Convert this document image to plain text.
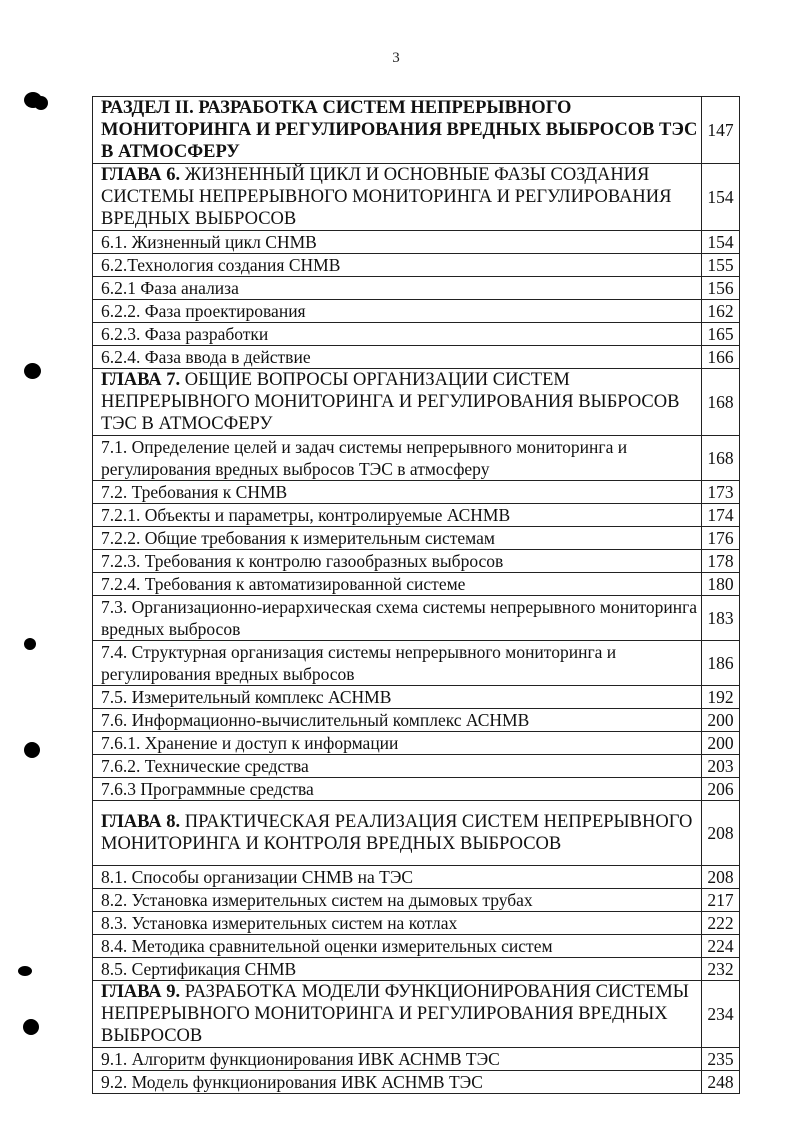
3
РАЗДЕЛ II. РАЗРАБОТКА СИСТЕМ НЕПРЕРЫВНОГО МОНИТОРИНГА И РЕГУЛИРОВАНИЯ ВРЕДНЫХ ВЫБРОСОВ ТЭС В АТМОСФЕРУ	147
ГЛАВА 6. ЖИЗНЕННЫЙ ЦИКЛ И ОСНОВНЫЕ ФАЗЫ СОЗДАНИЯ СИСТЕМЫ НЕПРЕРЫВНОГО МОНИТОРИНГА И РЕГУЛИРОВАНИЯ ВРЕДНЫХ ВЫБРОСОВ	154
6.1. Жизненный цикл СНМВ	154
6.2.Технология создания СНМВ	155
6.2.1 Фаза анализа	156
6.2.2. Фаза проектирования	162
6.2.3. Фаза разработки	165
6.2.4. Фаза ввода в действие	166
ГЛАВА 7. ОБЩИЕ ВОПРОСЫ ОРГАНИЗАЦИИ СИСТЕМ НЕПРЕРЫВНОГО МОНИТОРИНГА И РЕГУЛИРОВАНИЯ ВЫБРОСОВ ТЭС В АТМОСФЕРУ	168
7.1. Определение целей и задач системы непрерывного мониторинга и регулирования вредных выбросов ТЭС в атмосферу	168
7.2. Требования к СНМВ	173
7.2.1. Объекты и параметры, контролируемые АСНМВ	174
7.2.2. Общие требования к измерительным системам	176
7.2.3. Требования к контролю газообразных выбросов	178
7.2.4. Требования к автоматизированной системе	180
7.3. Организационно-иерархическая схема системы непрерывного мониторинга вредных выбросов	183
7.4. Структурная организация системы непрерывного мониторинга и регулирования вредных выбросов	186
7.5. Измерительный комплекс АСНМВ	192
7.6. Информационно-вычислительный комплекс АСНМВ	200
7.6.1. Хранение и доступ к информации	200
7.6.2. Технические средства	203
7.6.3 Программные средства	206
ГЛАВА 8. ПРАКТИЧЕСКАЯ РЕАЛИЗАЦИЯ СИСТЕМ НЕПРЕРЫВНОГО МОНИТОРИНГА И КОНТРОЛЯ ВРЕДНЫХ ВЫБРОСОВ	208
8.1. Способы организации СНМВ на ТЭС	208
8.2. Установка измерительных систем на дымовых трубах	217
8.3. Установка измерительных систем на котлах	222
8.4. Методика сравнительной оценки измерительных систем	224
8.5. Сертификация СНМВ	232
ГЛАВА 9. РАЗРАБОТКА МОДЕЛИ ФУНКЦИОНИРОВАНИЯ СИСТЕМЫ НЕПРЕРЫВНОГО МОНИТОРИНГА И РЕГУЛИРОВАНИЯ ВРЕДНЫХ ВЫБРОСОВ	234
9.1. Алгоритм функционирования ИВК АСНМВ ТЭС	235
9.2. Модель функционирования ИВК АСНМВ ТЭС	248
